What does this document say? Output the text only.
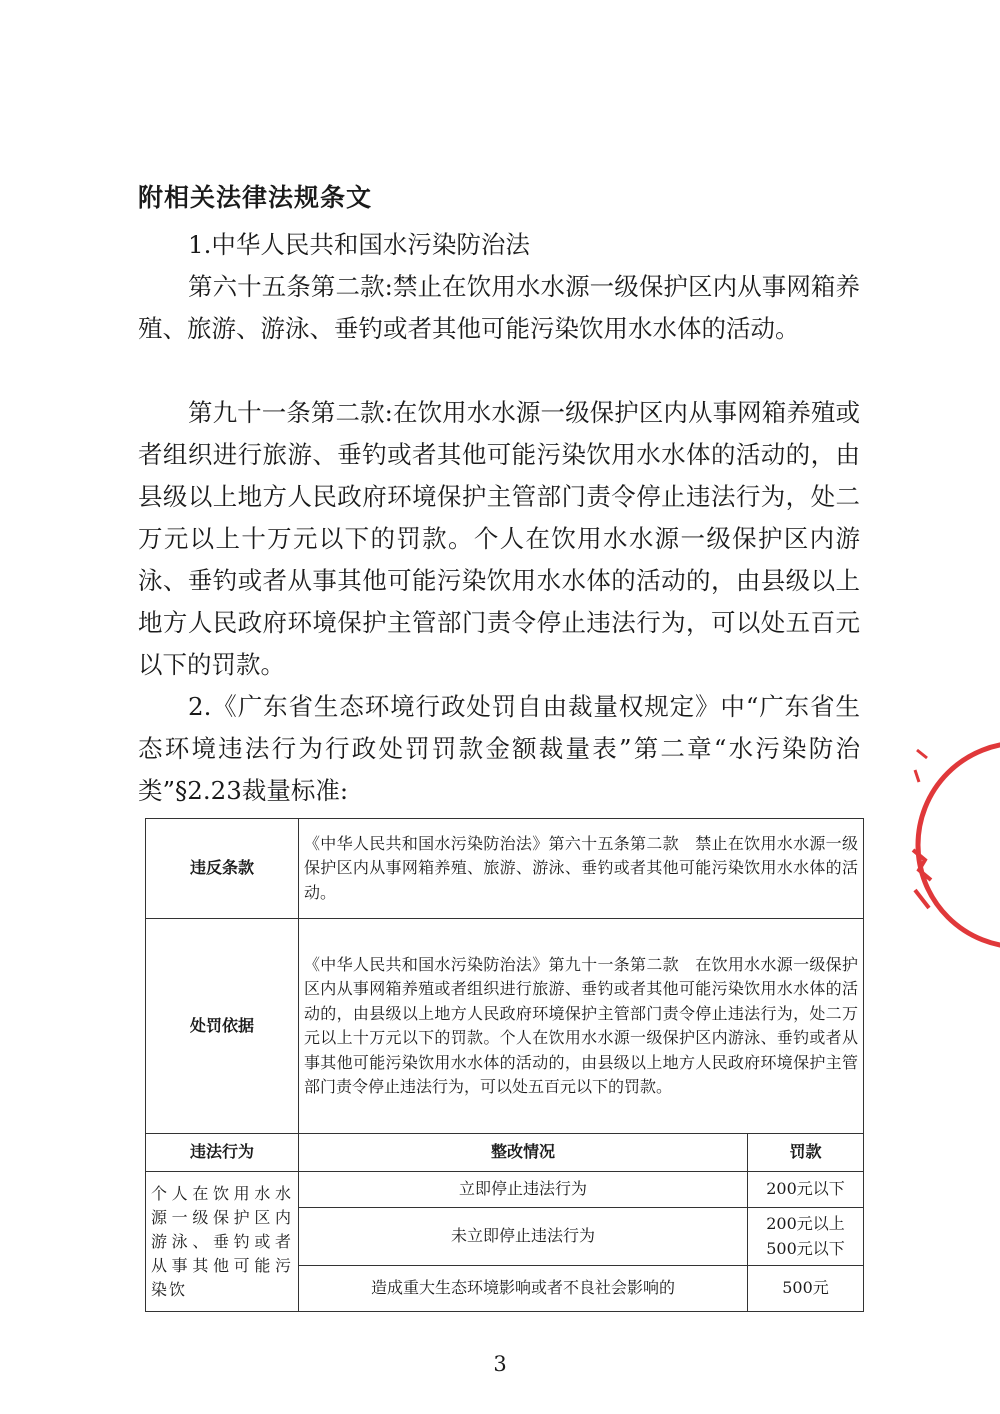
附相关法律法规条文

1.中华人民共和国水污染防治法

第六十五条第二款:禁止在饮用水水源一级保护区内从事网箱养殖、旅游、游泳、垂钓或者其他可能污染饮用水水体的活动。

第九十一条第二款:在饮用水水源一级保护区内从事网箱养殖或者组织进行旅游、垂钓或者其他可能污染饮用水水体的活动的，由县级以上地方人民政府环境保护主管部门责令停止违法行为，处二万元以上十万元以下的罚款。个人在饮用水水源一级保护区内游泳、垂钓或者从事其他可能污染饮用水水体的活动的，由县级以上地方人民政府环境保护主管部门责令停止违法行为，可以处五百元以下的罚款。

2.《广东省生态环境行政处罚自由裁量权规定》中“广东省生态环境违法行为行政处罚罚款金额裁量表”第二章“水污染防治类”§2.23裁量标准:

违反条款	《中华人民共和国水污染防治法》第六十五条第二款　禁止在饮用水水源一级保护区内从事网箱养殖、旅游、游泳、垂钓或者其他可能污染饮用水水体的活动。	
处罚依据	《中华人民共和国水污染防治法》第九十一条第二款　在饮用水水源一级保护区内从事网箱养殖或者组织进行旅游、垂钓或者其他可能污染饮用水水体的活动的，由县级以上地方人民政府环境保护主管部门责令停止违法行为，处二万元以上十万元以下的罚款。个人在饮用水水源一级保护区内游泳、垂钓或者从事其他可能污染饮用水水体的活动的，由县级以上地方人民政府环境保护主管部门责令停止违法行为，可以处五百元以下的罚款。	
违法行为	整改情况	罚款
个人在饮用水水源一级保护区内游泳、垂钓或者从事其他可能污染饮	立即停止违法行为	200元以下
	未立即停止违法行为	200元以上
500元以下

	造成重大生态环境影响或者不良社会影响的	500元
3
